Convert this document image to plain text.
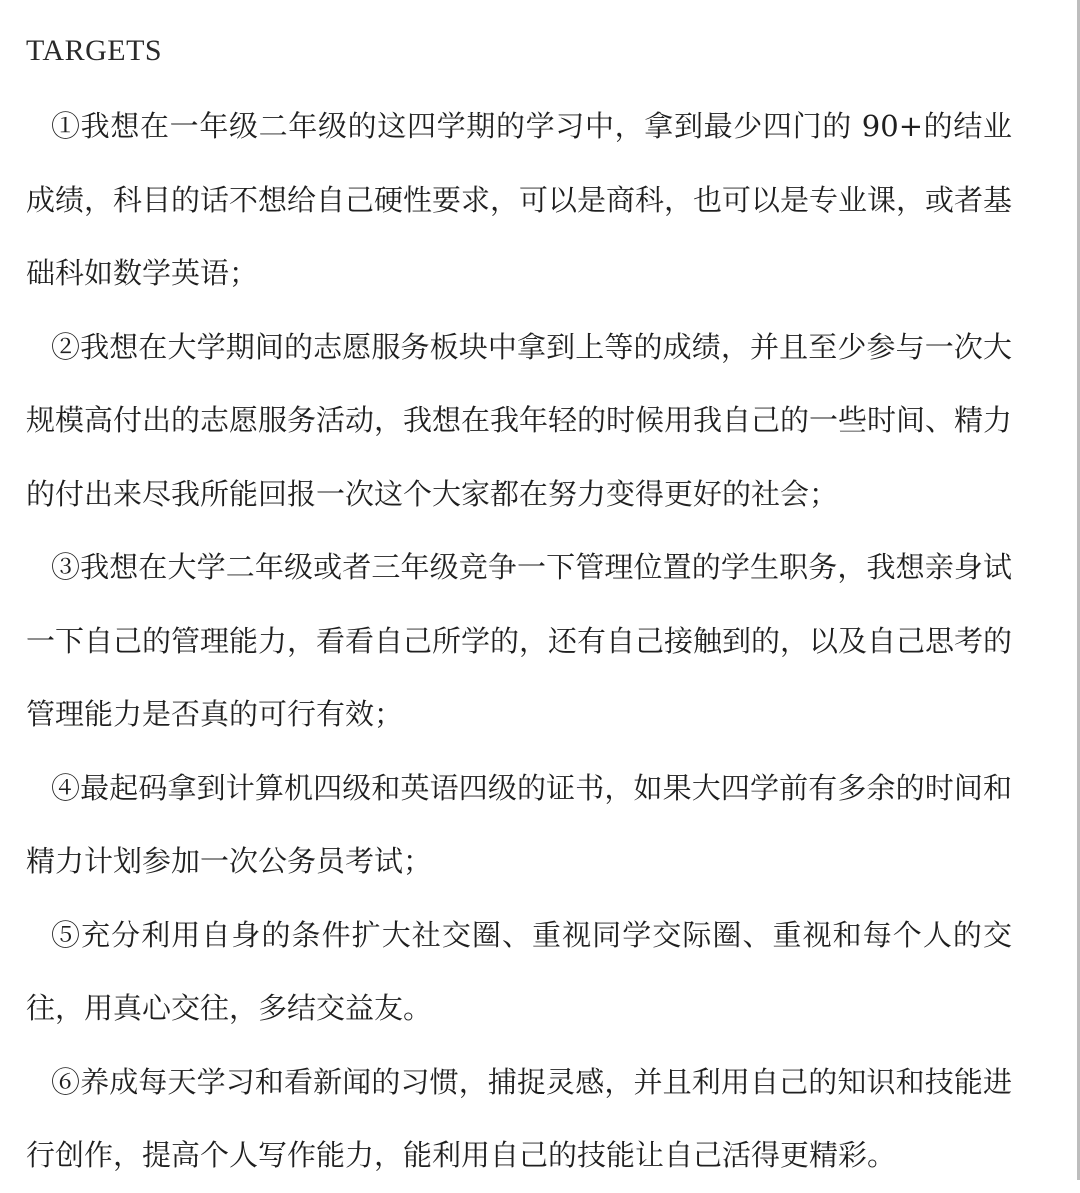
TARGETS

①我想在一年级二年级的这四学期的学习中，拿到最少四门的 90+的结业成绩，科目的话不想给自己硬性要求，可以是商科，也可以是专业课，或者基础科如数学英语；

②我想在大学期间的志愿服务板块中拿到上等的成绩，并且至少参与一次大规模高付出的志愿服务活动，我想在我年轻的时候用我自己的一些时间、精力的付出来尽我所能回报一次这个大家都在努力变得更好的社会；

③我想在大学二年级或者三年级竞争一下管理位置的学生职务，我想亲身试一下自己的管理能力，看看自己所学的，还有自己接触到的，以及自己思考的管理能力是否真的可行有效；

④最起码拿到计算机四级和英语四级的证书，如果大四学前有多余的时间和精力计划参加一次公务员考试；

⑤充分利用自身的条件扩大社交圈、重视同学交际圈、重视和每个人的交往，用真心交往，多结交益友。

⑥养成每天学习和看新闻的习惯，捕捉灵感，并且利用自己的知识和技能进行创作，提高个人写作能力，能利用自己的技能让自己活得更精彩。
